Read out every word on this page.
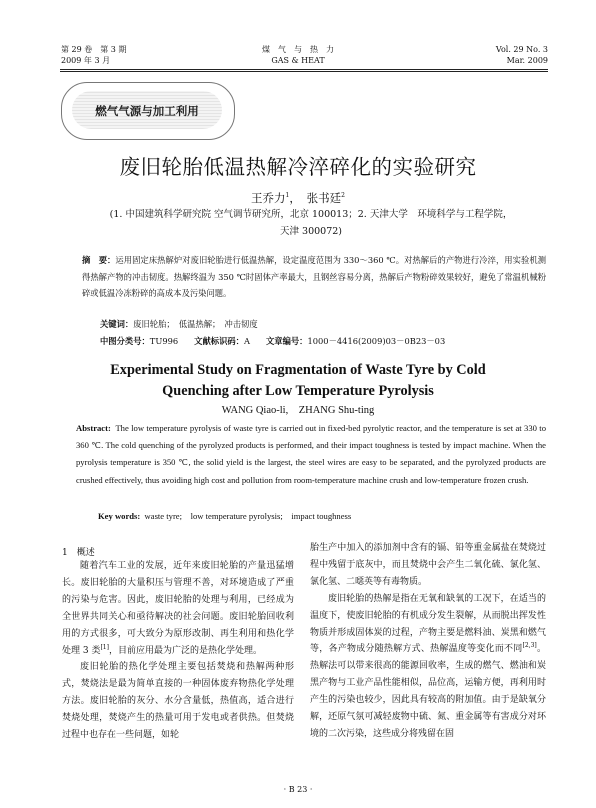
第 29 卷　第 3 期
2009 年 3 月
煤　气　与　热　力
GAS & HEAT
Vol. 29 No. 3
Mar. 2009
燃气气源与加工利用
废旧轮胎低温热解冷淬碎化的实验研究
王乔力$^1$，　张书廷$^2$
(1. 中国建筑科学研究院 空气调节研究所，北京 100013；2. 天津大学　环境科学与工程学院，
天津 300072)
摘　要：运用固定床热解炉对废旧轮胎进行低温热解，设定温度范围为 330～360 ℃。对热解后的产物进行冷淬，用实验机测得热解产物的冲击韧度。热解终温为 350 ℃时固体产率最大，且钢丝容易分离，热解后产物粉碎效果较好，避免了常温机械粉碎或低温冷冻粉碎的高成本及污染问题。
关键词：废旧轮胎；　低温热解；　冲击韧度
中图分类号：TU996 文献标识码：A 文章编号：1000－4416(2009)03－0B23－03
Experimental Study on Fragmentation of Waste Tyre by Cold
Quenching after Low Temperature Pyrolysis
WANG Qiao-li,　ZHANG Shu-ting
Abstract: The low temperature pyrolysis of waste tyre is carried out in fixed-bed pyrolytic reactor, and the temperature is set at 330 to 360 ℃. The cold quenching of the pyrolyzed products is performed, and their impact toughness is tested by impact machine. When the pyrolysis temperature is 350 ℃, the solid yield is the largest, the steel wires are easy to be separated, and the pyrolyzed products are crushed effectively, thus avoiding high cost and pollution from room-temperature machine crush and low-temperature frozen crush.
Key words: waste tyre;　low temperature pyrolysis;　impact toughness
1　概述

随着汽车工业的发展，近年来废旧轮胎的产量迅猛增长。废旧轮胎的大量积压与管理不善，对环境造成了严重的污染与危害。因此，废旧轮胎的处理与利用，已经成为全世界共同关心和亟待解决的社会问题。废旧轮胎回收利用的方式很多，可大致分为原形改制、再生利用和热化学处理 3 类[1]，目前应用最为广泛的是热化学处理。

废旧轮胎的热化学处理主要包括焚烧和热解两种形式，焚烧法是最为简单直接的一种固体废弃物热化学处理方法。废旧轮胎的灰分、水分含量低，热值高，适合进行焚烧处理，焚烧产生的热量可用于发电或者供热。但焚烧过程中也存在一些问题，如轮

胎生产中加入的添加剂中含有的镉、铅等重金属盐在焚烧过程中残留于底灰中，而且焚烧中会产生二氧化硫、氯化氢、氯化氢、二噁英等有毒物质。

废旧轮胎的热解是指在无氧和缺氧的工况下，在适当的温度下，使废旧轮胎的有机成分发生裂解，从而脱出挥发性物质并形成固体炭的过程，产物主要是燃料油、炭黑和燃气等，各产物成分随热解方式、热解温度等变化而不同[2,3]。热解法可以带来很高的能源回收率，生成的燃气、燃油和炭黑产物与工业产品性能相似，品位高，运输方便，再利用时产生的污染也较少，因此具有较高的附加值。由于是缺氧分解，还原气氛可减轻废物中硫、氮、重金属等有害成分对环境的二次污染，这些成分将残留在固

· B 23 ·
